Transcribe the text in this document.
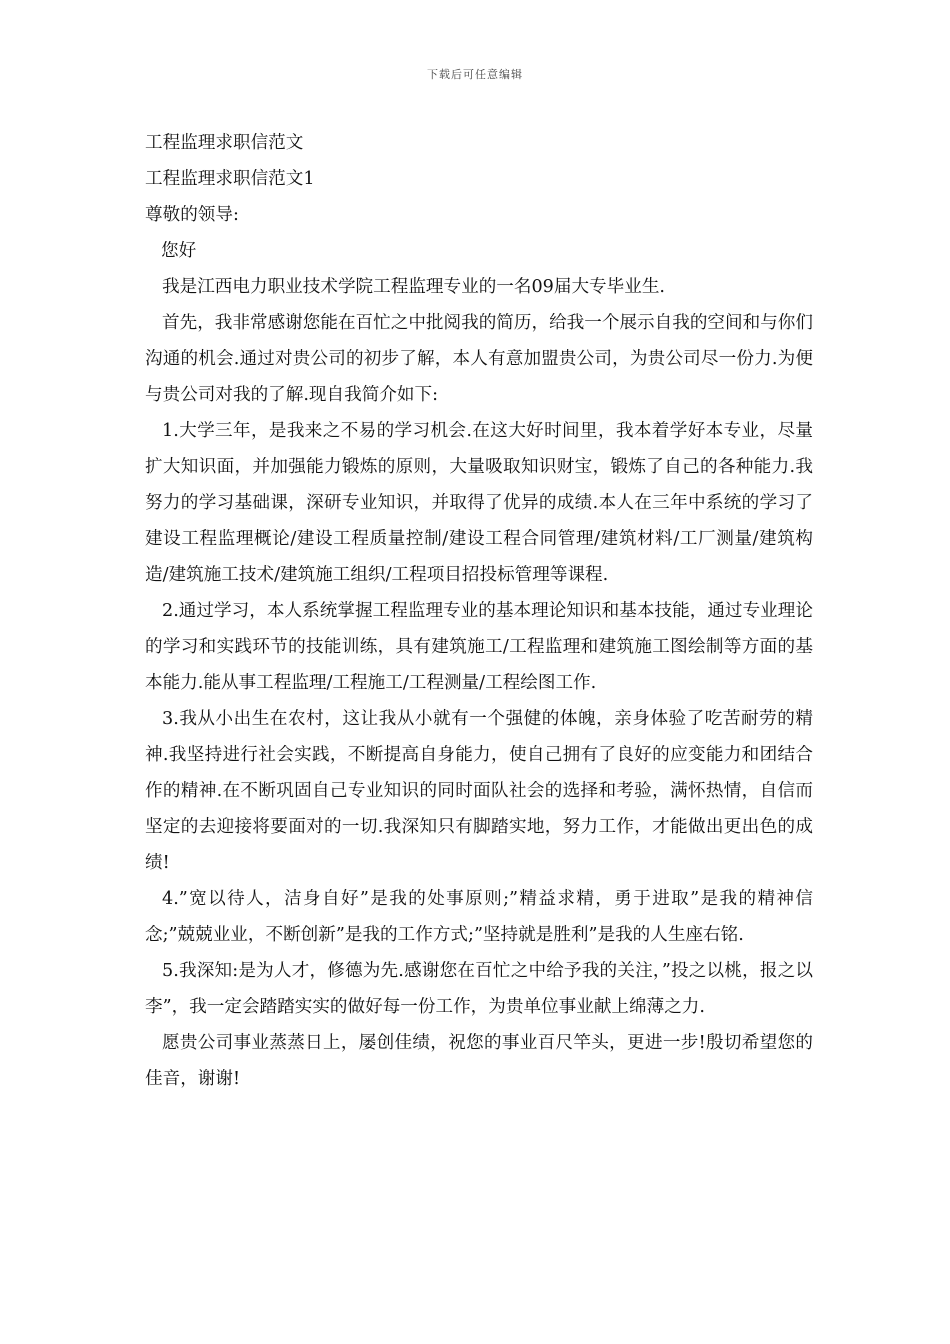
下载后可任意编辑

工程监理求职信范文

工程监理求职信范文1

尊敬的领导:

您好

我是江西电力职业技术学院工程监理专业的一名09届大专毕业生.

首先，我非常感谢您能在百忙之中批阅我的简历，给我一个展示自我的空间和与你们沟通的机会.通过对贵公司的初步了解，本人有意加盟贵公司，为贵公司尽一份力.为便与贵公司对我的了解.现自我简介如下:

1.大学三年，是我来之不易的学习机会.在这大好时间里，我本着学好本专业，尽量扩大知识面，并加强能力锻炼的原则，大量吸取知识财宝，锻炼了自己的各种能力.我努力的学习基础课，深研专业知识，并取得了优异的成绩.本人在三年中系统的学习了建设工程监理概论/建设工程质量控制/建设工程合同管理/建筑材料/工厂测量/建筑构造/建筑施工技术/建筑施工组织/工程项目招投标管理等课程.

2.通过学习，本人系统掌握工程监理专业的基本理论知识和基本技能，通过专业理论的学习和实践环节的技能训练，具有建筑施工/工程监理和建筑施工图绘制等方面的基本能力.能从事工程监理/工程施工/工程测量/工程绘图工作.

3.我从小出生在农村，这让我从小就有一个强健的体魄，亲身体验了吃苦耐劳的精神.我坚持进行社会实践，不断提高自身能力，使自己拥有了良好的应变能力和团结合作的精神.在不断巩固自己专业知识的同时面队社会的选择和考验，满怀热情，自信而坚定的去迎接将要面对的一切.我深知只有脚踏实地，努力工作，才能做出更出色的成绩!

4.”宽以待人，洁身自好”是我的处事原则;”精益求精，勇于进取”是我的精神信念;”兢兢业业，不断创新”是我的工作方式;”坚持就是胜利”是我的人生座右铭.

5.我深知:是为人才，修德为先.感谢您在百忙之中给予我的关注，”投之以桃，报之以李”，我一定会踏踏实实的做好每一份工作，为贵单位事业献上绵薄之力.

愿贵公司事业蒸蒸日上，屡创佳绩，祝您的事业百尺竿头，更进一步!殷切希望您的佳音，谢谢!
